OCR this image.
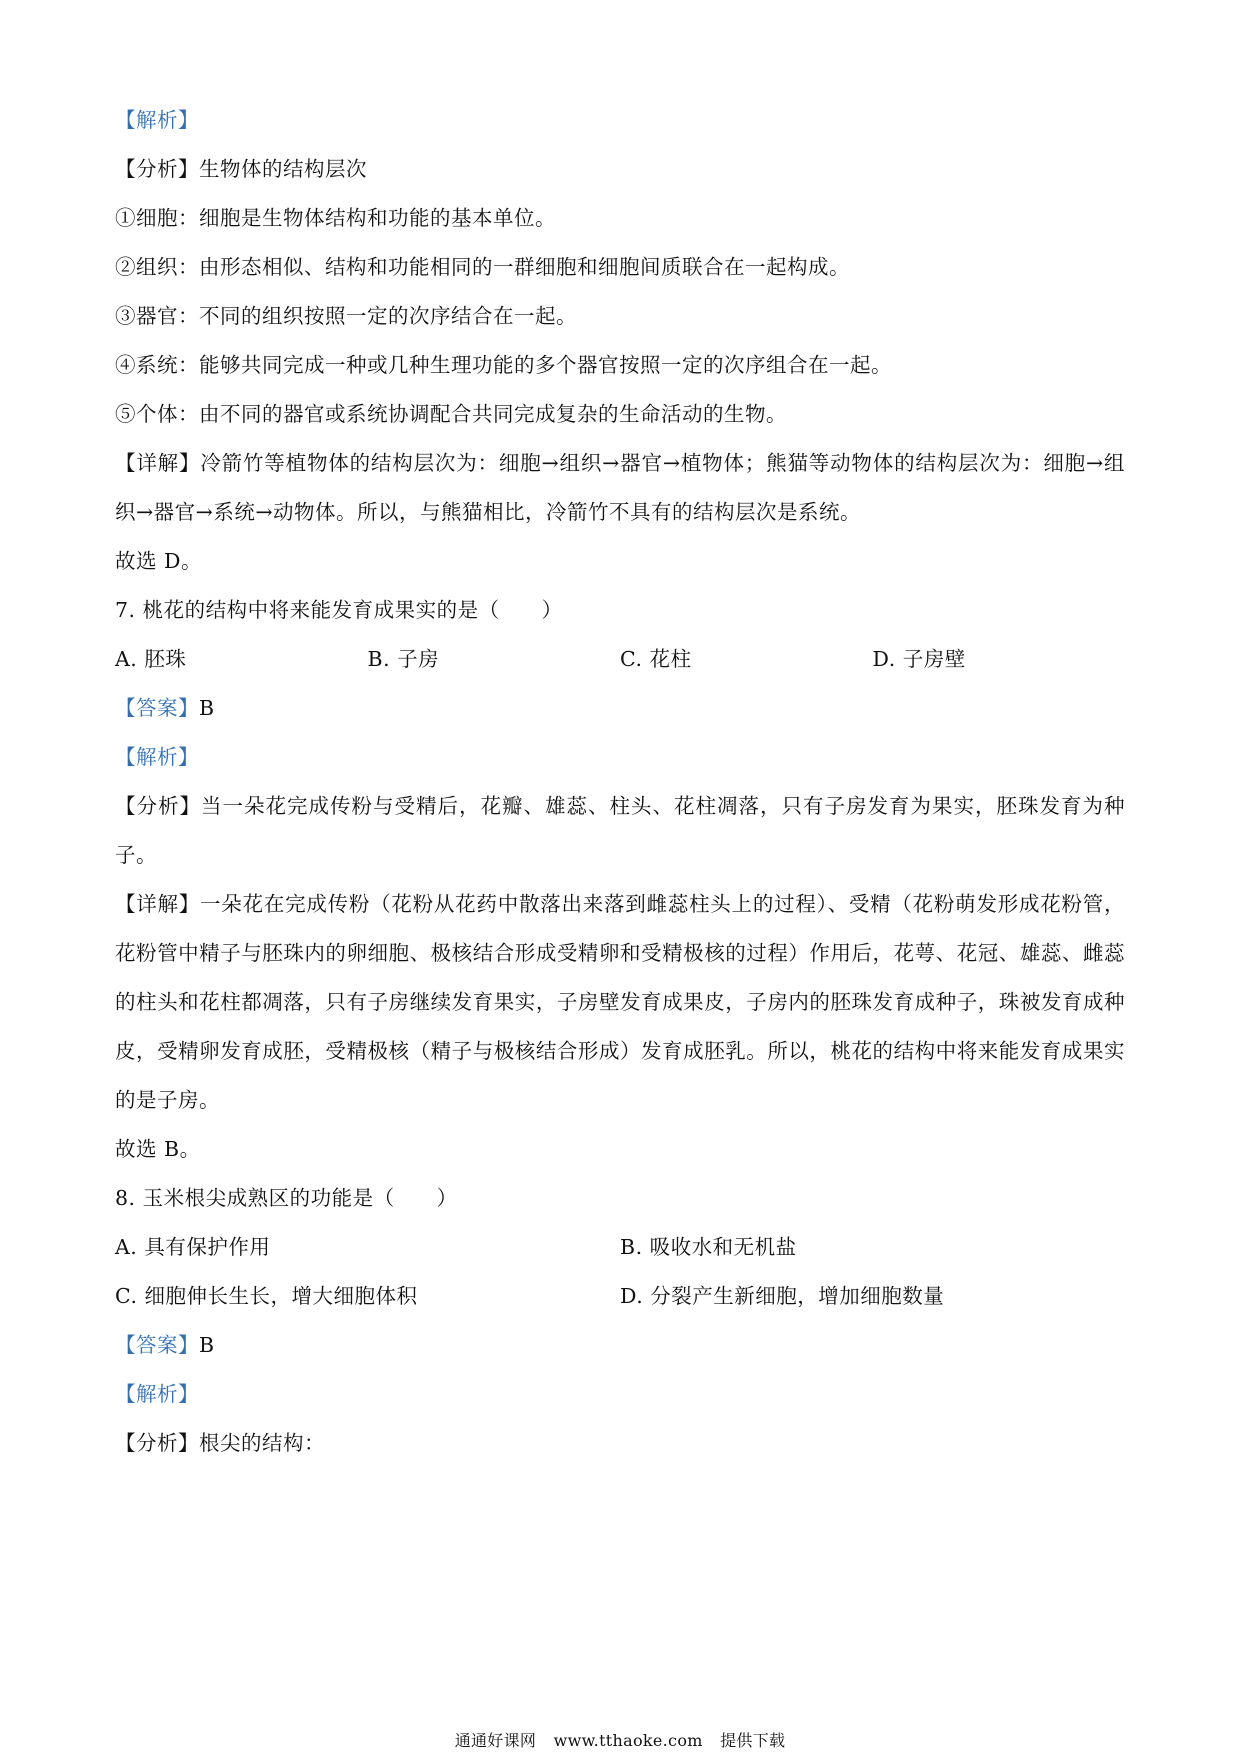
【解析】
【分析】生物体的结构层次
①细胞：细胞是生物体结构和功能的基本单位。
②组织：由形态相似、结构和功能相同的一群细胞和细胞间质联合在一起构成。
③器官：不同的组织按照一定的次序结合在一起。
④系统：能够共同完成一种或几种生理功能的多个器官按照一定的次序组合在一起。
⑤个体：由不同的器官或系统协调配合共同完成复杂的生命活动的生物。
【详解】冷箭竹等植物体的结构层次为：细胞→组织→器官→植物体；熊猫等动物体的结构层次为：细胞→组织→器官→系统→动物体。所以，与熊猫相比，冷箭竹不具有的结构层次是系统。
故选 D。
7. 桃花的结构中将来能发育成果实的是（　　）
A. 胚珠	B. 子房	C. 花柱	D. 子房壁
【答案】B
【解析】
【分析】当一朵花完成传粉与受精后，花瓣、雄蕊、柱头、花柱凋落，只有子房发育为果实，胚珠发育为种子。
【详解】一朵花在完成传粉（花粉从花药中散落出来落到雌蕊柱头上的过程）、受精（花粉萌发形成花粉管，花粉管中精子与胚珠内的卵细胞、极核结合形成受精卵和受精极核的过程）作用后，花萼、花冠、雄蕊、雌蕊的柱头和花柱都凋落，只有子房继续发育果实，子房壁发育成果皮，子房内的胚珠发育成种子，珠被发育成种皮，受精卵发育成胚，受精极核（精子与极核结合形成）发育成胚乳。所以，桃花的结构中将来能发育成果实的是子房。
故选 B。
8. 玉米根尖成熟区的功能是（　　）
A. 具有保护作用	B. 吸收水和无机盐
C. 细胞伸长生长，增大细胞体积	D. 分裂产生新细胞，增加细胞数量
【答案】B
【解析】
【分析】根尖的结构：
通通好课网 www.tthaoke.com 提供下载
